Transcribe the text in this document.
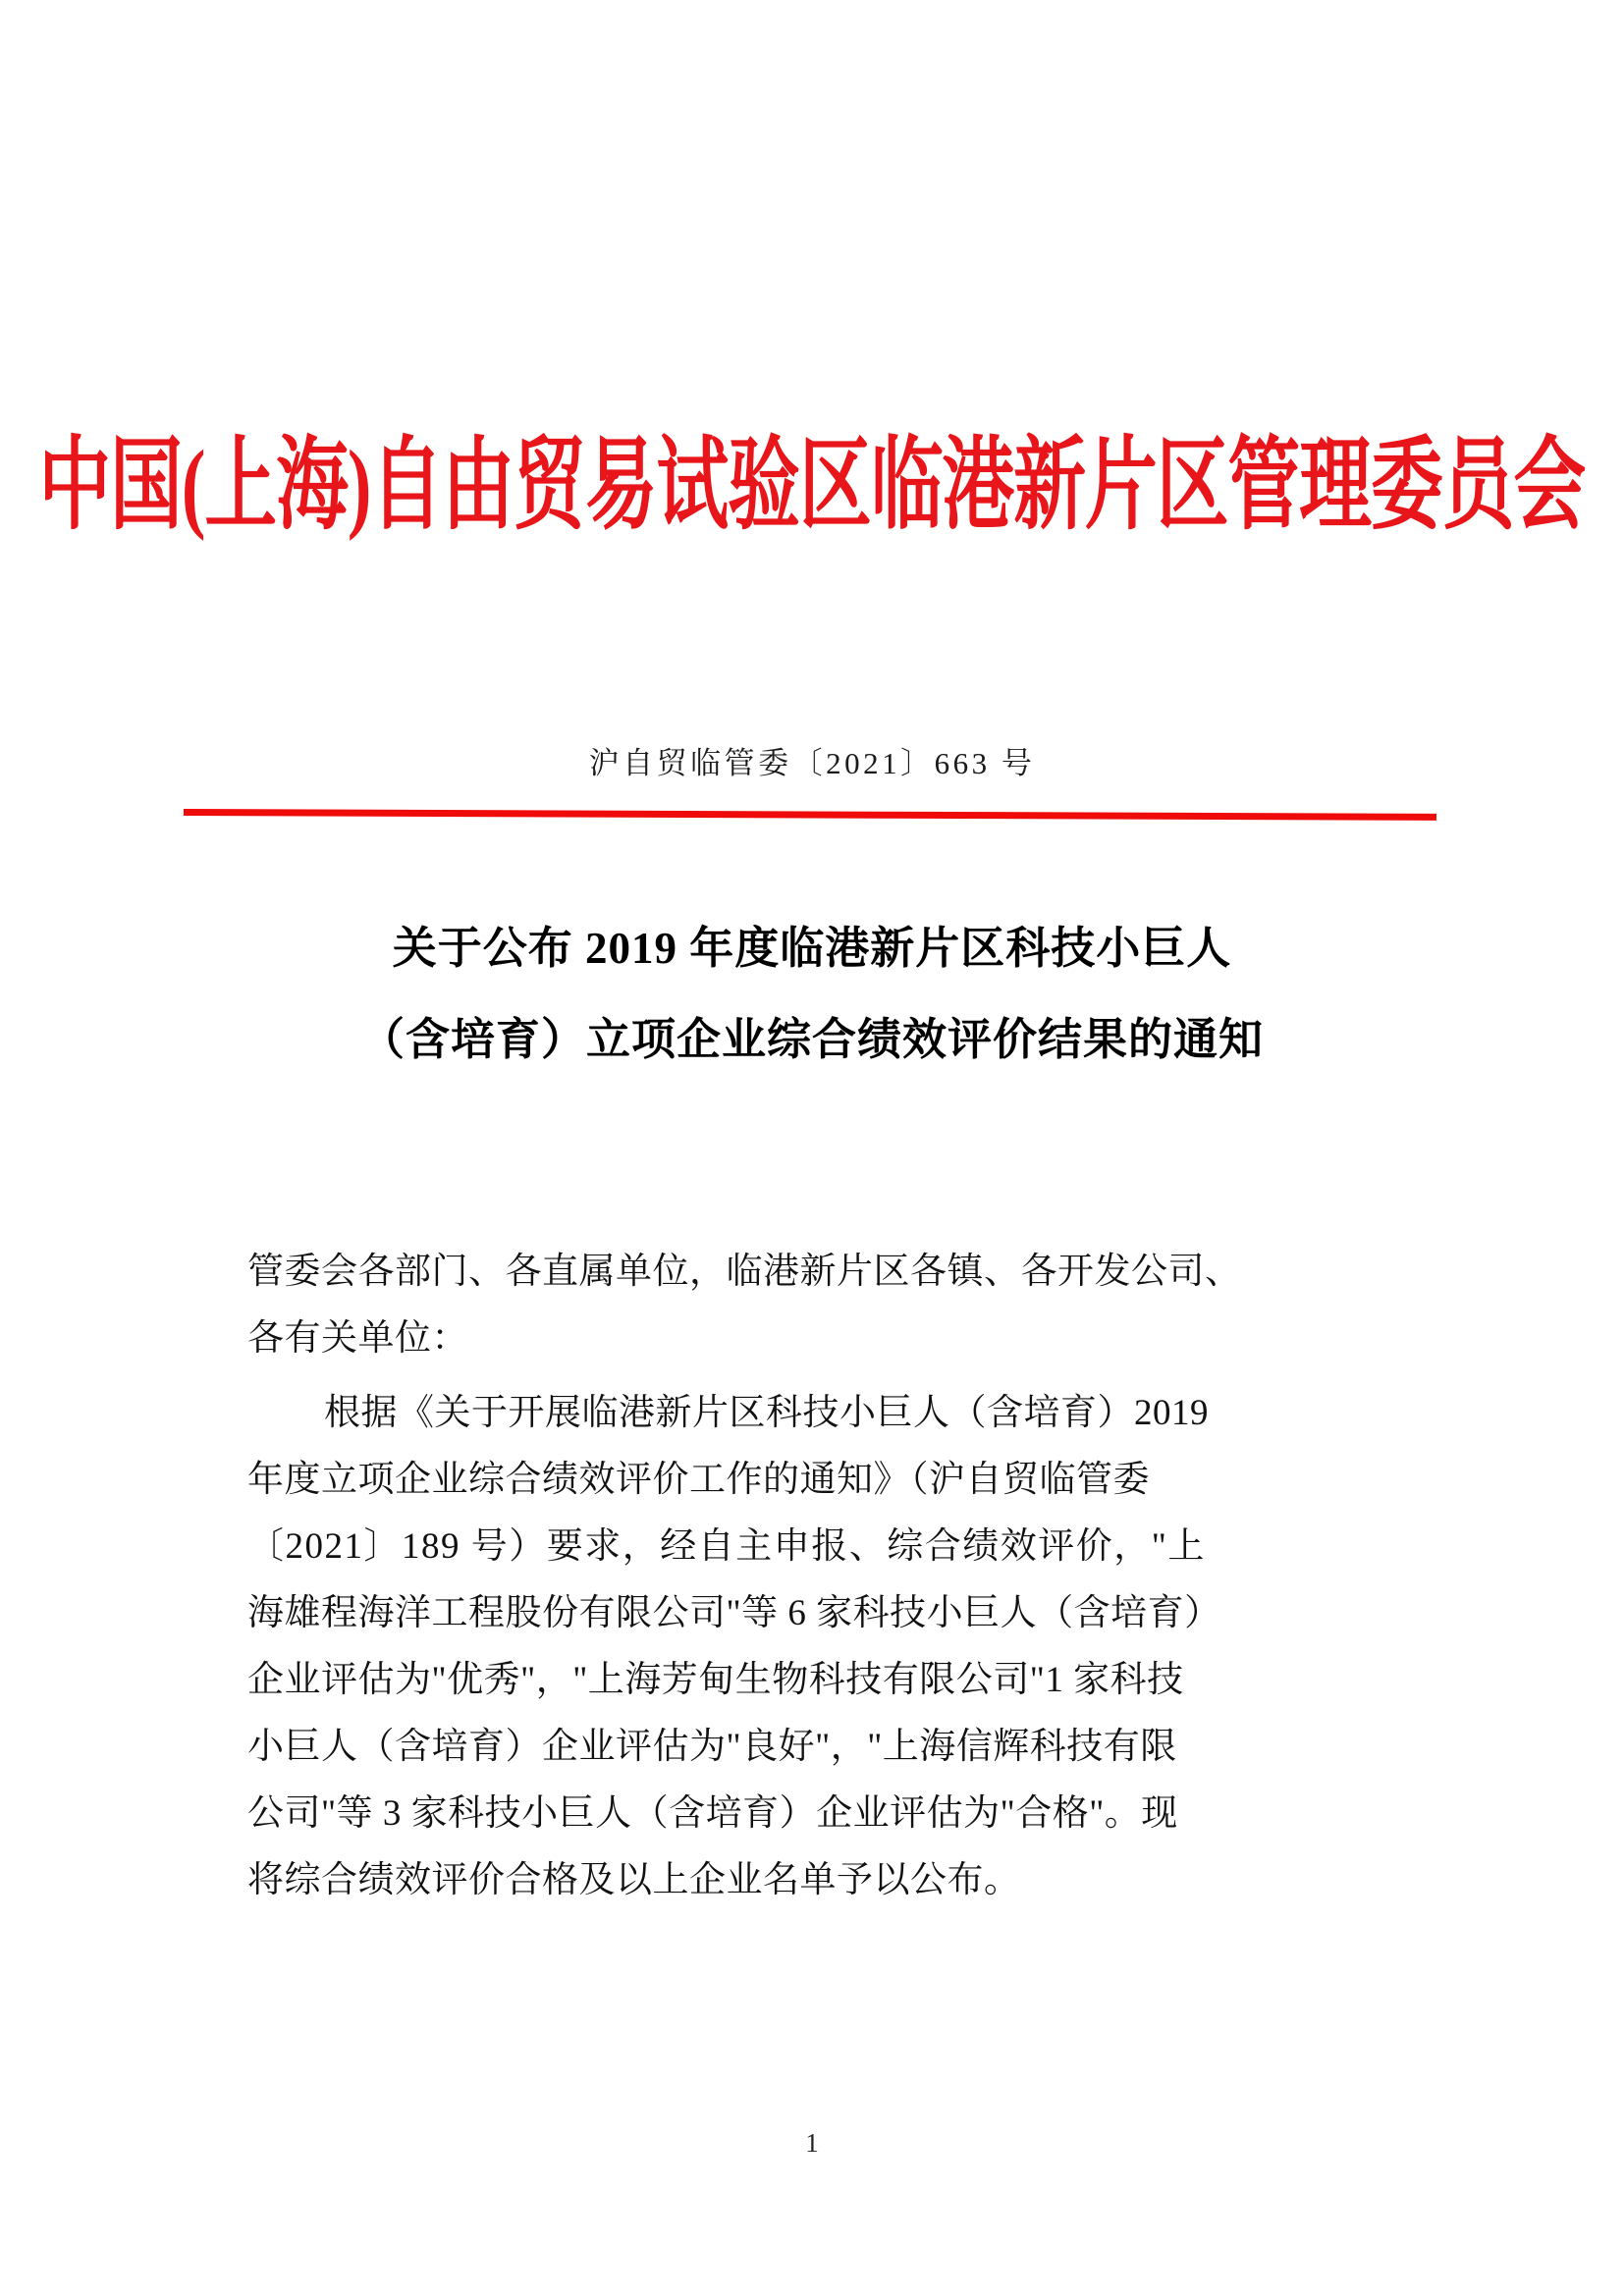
中国(上海)自由贸易试验区临港新片区管理委员会
沪自贸临管委〔2021〕663 号
关于公布 2019 年度临港新片区科技小巨人
（含培育）立项企业综合绩效评价结果的通知
管委会各部门、各直属单位，临港新片区各镇、各开发公司、
各有关单位：
根据《关于开展临港新片区科技小巨人（含培育）2019
年度立项企业综合绩效评价工作的通知》（沪自贸临管委
〔2021〕189 号）要求，经自主申报、综合绩效评价，"上
海雄程海洋工程股份有限公司"等 6 家科技小巨人（含培育）
企业评估为"优秀"，"上海芳甸生物科技有限公司"1 家科技
小巨人（含培育）企业评估为"良好"，"上海信辉科技有限
公司"等 3 家科技小巨人（含培育）企业评估为"合格"。现
将综合绩效评价合格及以上企业名单予以公布。
1
